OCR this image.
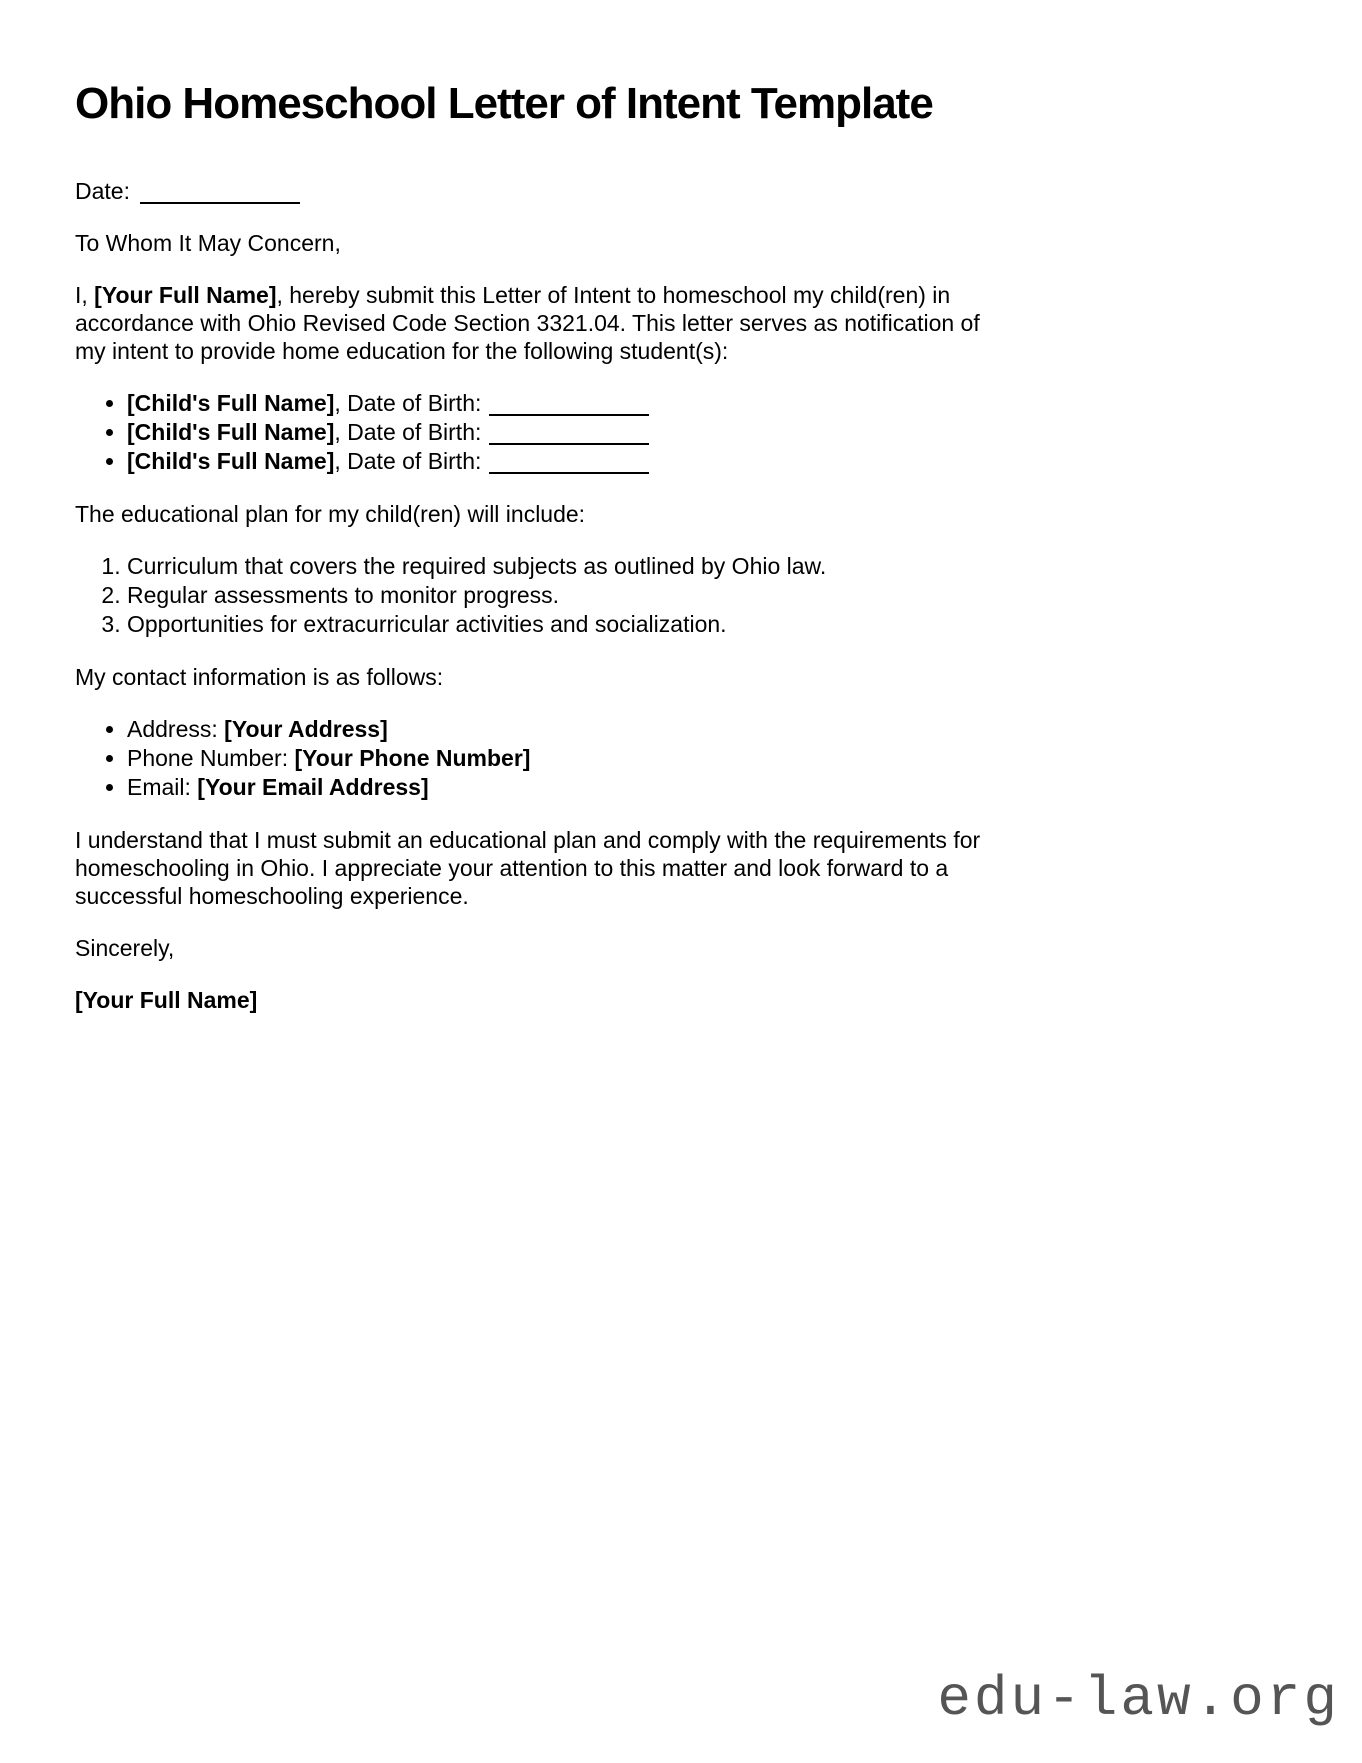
Ohio Homeschool Letter of Intent Template

Date:

To Whom It May Concern,

I, [Your Full Name], hereby submit this Letter of Intent to homeschool my child(ren) in
accordance with Ohio Revised Code Section 3321.04. This letter serves as notification of
my intent to provide home education for the following student(s):

• [Child's Full Name], Date of Birth:
• [Child's Full Name], Date of Birth:
• [Child's Full Name], Date of Birth:

The educational plan for my child(ren) will include:

1. Curriculum that covers the required subjects as outlined by Ohio law.
2. Regular assessments to monitor progress.
3. Opportunities for extracurricular activities and socialization.

My contact information is as follows:

• Address: [Your Address]
• Phone Number: [Your Phone Number]
• Email: [Your Email Address]

I understand that I must submit an educational plan and comply with the requirements for
homeschooling in Ohio. I appreciate your attention to this matter and look forward to a
successful homeschooling experience.

Sincerely,

[Your Full Name]

edu-law.org
